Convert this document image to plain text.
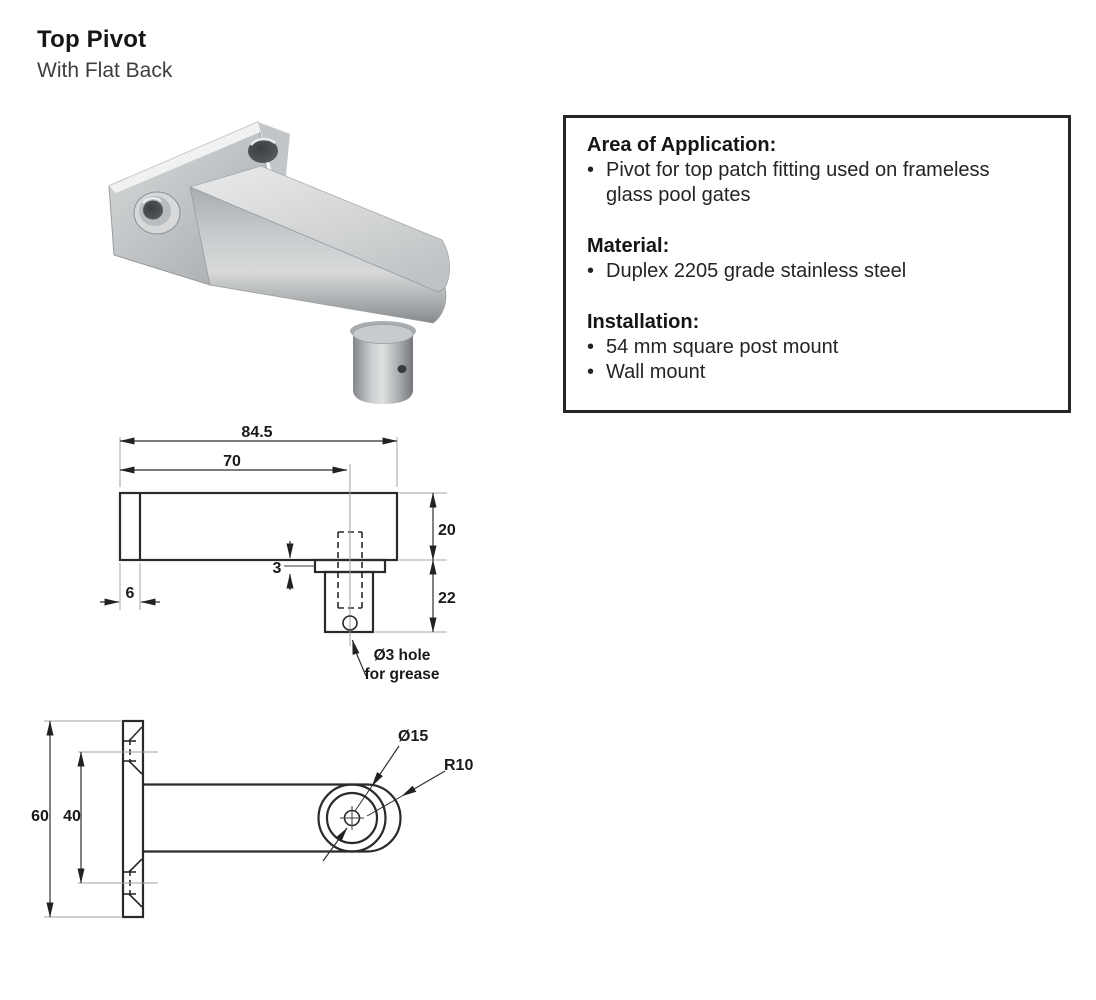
Top Pivot
With Flat Back
Area of Application:
• Pivot for top patch fitting used on frameless glass pool gates
Material:
• Duplex 2205 grade stainless steel
Installation:
• 54 mm square post mount
• Wall mount
84.5
70
20
22
3
6
Ø3 hole
for grease
60 40
Ø15
R10
